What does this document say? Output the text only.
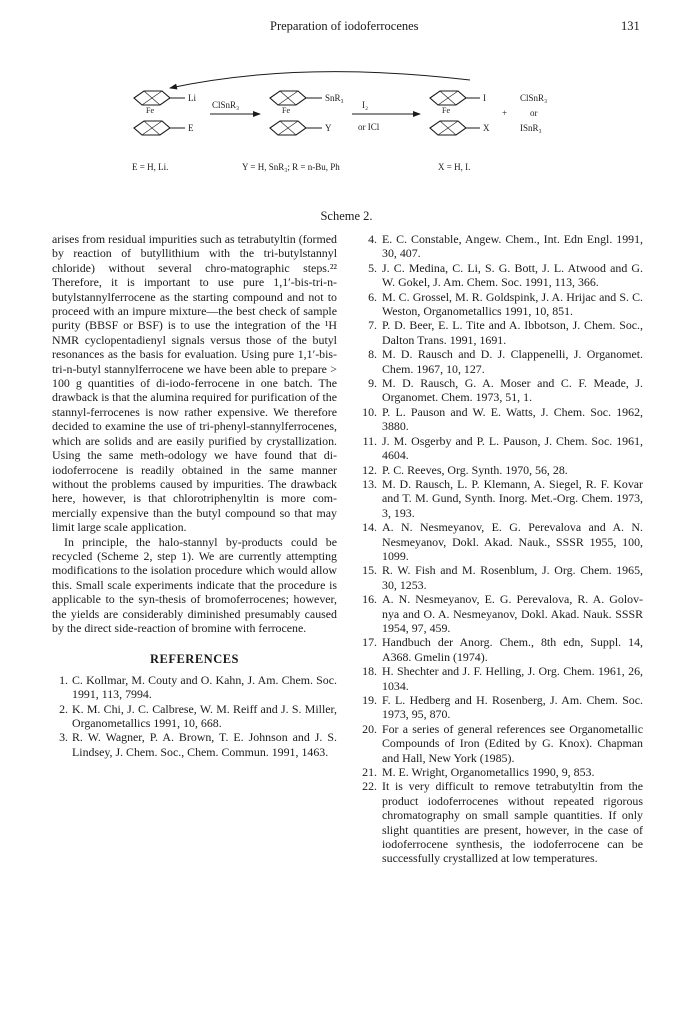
Preparation of iodoferrocenes	131
Li
Fe
E
ClSnR₃
SnR₃
Fe
Y
I₂
or ICl
I
Fe
X
+
ClSnR₃
or
ISnR₃
E = H, Li.	Y = H, SnR₃; R = n-Bu, Ph	X = H, I.
Scheme 2.

arises from residual impurities such as tetrabutyltin (formed by reaction of butyllithium with the tri-butylstannyl chloride) without several chro-matographic steps.²² Therefore, it is important to use pure 1,1′-bis-tri-n-butylstannylferrocene as the starting compound and not to proceed with an impure mixture—the best check of sample purity (BBSF or BSF) is to use the integration of the ¹H NMR cyclopentadienyl signals versus those of the butyl resonances as the basis for evaluation. Using pure 1,1′-bis-tri-n-butyl stannylferrocene we have been able to prepare > 100 g quantities of di-iodo-ferrocene in one batch. The drawback is that the alumina required for purification of the stannyl-ferrocenes is now rather expensive. We therefore decided to examine the use of tri-phenyl-stannylferrocenes, which are solids and are easily purified by crystallization. Using the same meth-odology we have found that di-iodoferrocene is readily obtained in the same manner without the problems caused by impurities. The drawback here, however, is that chlorotriphenyltin is more com-mercially expensive than the butyl compound so that may limit large scale application.

In principle, the halo-stannyl by-products could be recycled (Scheme 2, step 1). We are currently attempting modifications to the isolation procedure which would allow this. Small scale experiments indicate that the procedure is applicable to the syn-thesis of bromoferrocenes; however, the yields are considerably diminished presumably caused by the direct side-reaction of bromine with ferrocene.

REFERENCES
1. C. Kollmar, M. Couty and O. Kahn, J. Am. Chem. Soc. 1991, 113, 7994.
2. K. M. Chi, J. C. Calbrese, W. M. Reiff and J. S. Miller, Organometallics 1991, 10, 668.
3. R. W. Wagner, P. A. Brown, T. E. Johnson and J. S. Lindsey, J. Chem. Soc., Chem. Commun. 1991, 1463.
4. E. C. Constable, Angew. Chem., Int. Edn Engl. 1991, 30, 407.
5. J. C. Medina, C. Li, S. G. Bott, J. L. Atwood and G. W. Gokel, J. Am. Chem. Soc. 1991, 113, 366.
6. M. C. Grossel, M. R. Goldspink, J. A. Hrijac and S. C. Weston, Organometallics 1991, 10, 851.
7. P. D. Beer, E. L. Tite and A. Ibbotson, J. Chem. Soc., Dalton Trans. 1991, 1691.
8. M. D. Rausch and D. J. Clappenelli, J. Organomet. Chem. 1967, 10, 127.
9. M. D. Rausch, G. A. Moser and C. F. Meade, J. Organomet. Chem. 1973, 51, 1.
10. P. L. Pauson and W. E. Watts, J. Chem. Soc. 1962, 3880.
11. J. M. Osgerby and P. L. Pauson, J. Chem. Soc. 1961, 4604.
12. P. C. Reeves, Org. Synth. 1970, 56, 28.
13. M. D. Rausch, L. P. Klemann, A. Siegel, R. F. Kovar and T. M. Gund, Synth. Inorg. Met.-Org. Chem. 1973, 3, 193.
14. A. N. Nesmeyanov, E. G. Perevalova and A. N. Nesmeyanov, Dokl. Akad. Nauk., SSSR 1955, 100, 1099.
15. R. W. Fish and M. Rosenblum, J. Org. Chem. 1965, 30, 1253.
16. A. N. Nesmeyanov, E. G. Perevalova, R. A. Golov-nya and O. A. Nesmeyanov, Dokl. Akad. Nauk. SSSR 1954, 97, 459.
17. Handbuch der Anorg. Chem., 8th edn, Suppl. 14, A368. Gmelin (1974).
18. H. Shechter and J. F. Helling, J. Org. Chem. 1961, 26, 1034.
19. F. L. Hedberg and H. Rosenberg, J. Am. Chem. Soc. 1973, 95, 870.
20. For a series of general references see Organometallic Compounds of Iron (Edited by G. Knox). Chapman and Hall, New York (1985).
21. M. E. Wright, Organometallics 1990, 9, 853.
22. It is very difficult to remove tetrabutyltin from the product iodoferrocenes without repeated rigorous chromatography on small sample quantities. If only slight quantities are present, however, in the case of iodoferrocene synthesis, the iodoferrocene can be successfully crystallized at low temperatures.
